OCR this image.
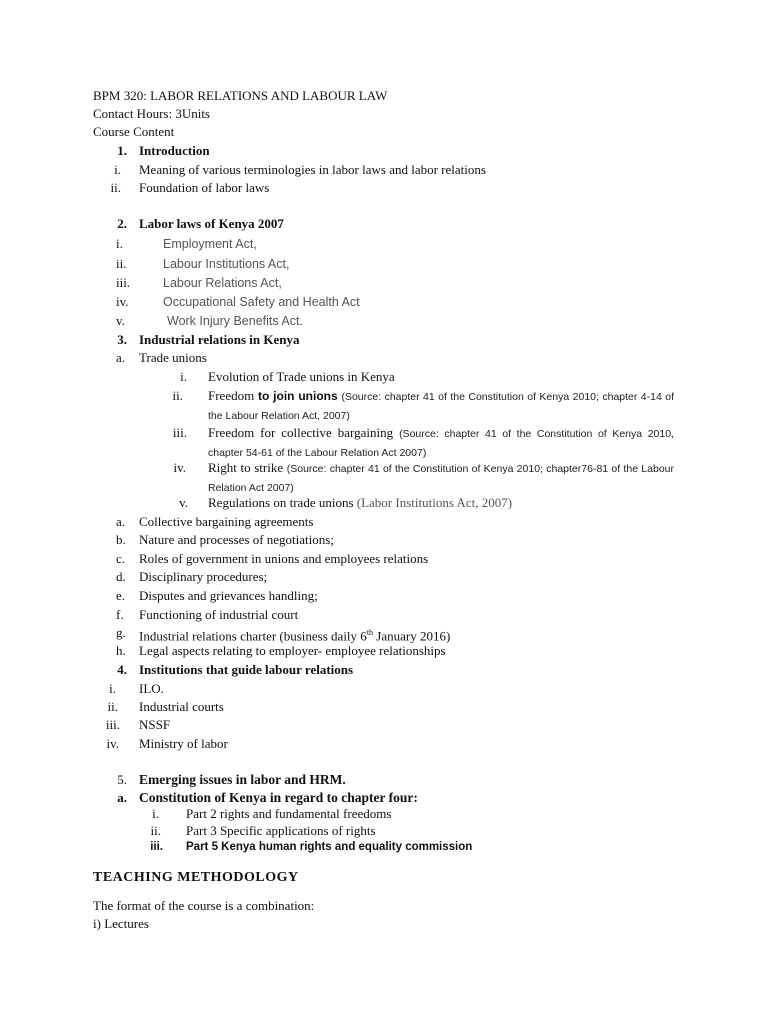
BPM 320: LABOR RELATIONS AND LABOUR LAW
Contact Hours: 3Units
Course Content
1. Introduction
i. Meaning of various terminologies in labor laws and labor relations
ii. Foundation of labor laws
2. Labor laws of Kenya 2007
i.	Employment Act,
ii.	Labour Institutions Act,
iii.	Labour Relations Act,
iv.	Occupational Safety and Health Act
v.	Work Injury Benefits Act.
3. Industrial relations in Kenya
a. Trade unions
i. Evolution of Trade unions in Kenya
ii. Freedom to join unions (Source: chapter 41 of the Constitution of Kenya 2010; chapter 4-14 of the Labour Relation Act, 2007)
iii. Freedom for collective bargaining (Source: chapter 41 of the Constitution of Kenya 2010, chapter 54-61 of the Labour Relation Act 2007)
iv. Right to strike (Source: chapter 41 of the Constitution of Kenya 2010; chapter76-81 of the Labour Relation Act 2007)
v. Regulations on trade unions (Labor Institutions Act, 2007)
a. Collective bargaining agreements
b. Nature and processes of negotiations;
c. Roles of government in unions and employees relations
d. Disciplinary procedures;
e. Disputes and grievances handling;
f. Functioning of industrial court
g. Industrial relations charter (business daily 6th January 2016)
h. Legal aspects relating to employer- employee relationships
4. Institutions that guide labour relations
i. ILO.
ii. Industrial courts
iii. NSSF
iv. Ministry of labor
5. Emerging issues in labor and HRM.
a. Constitution of Kenya in regard to chapter four:
i. Part 2 rights and fundamental freedoms
ii. Part 3 Specific applications of rights
iii. Part 5 Kenya human rights and equality commission
TEACHING METHODOLOGY
The format of the course is a combination:
i) Lectures
